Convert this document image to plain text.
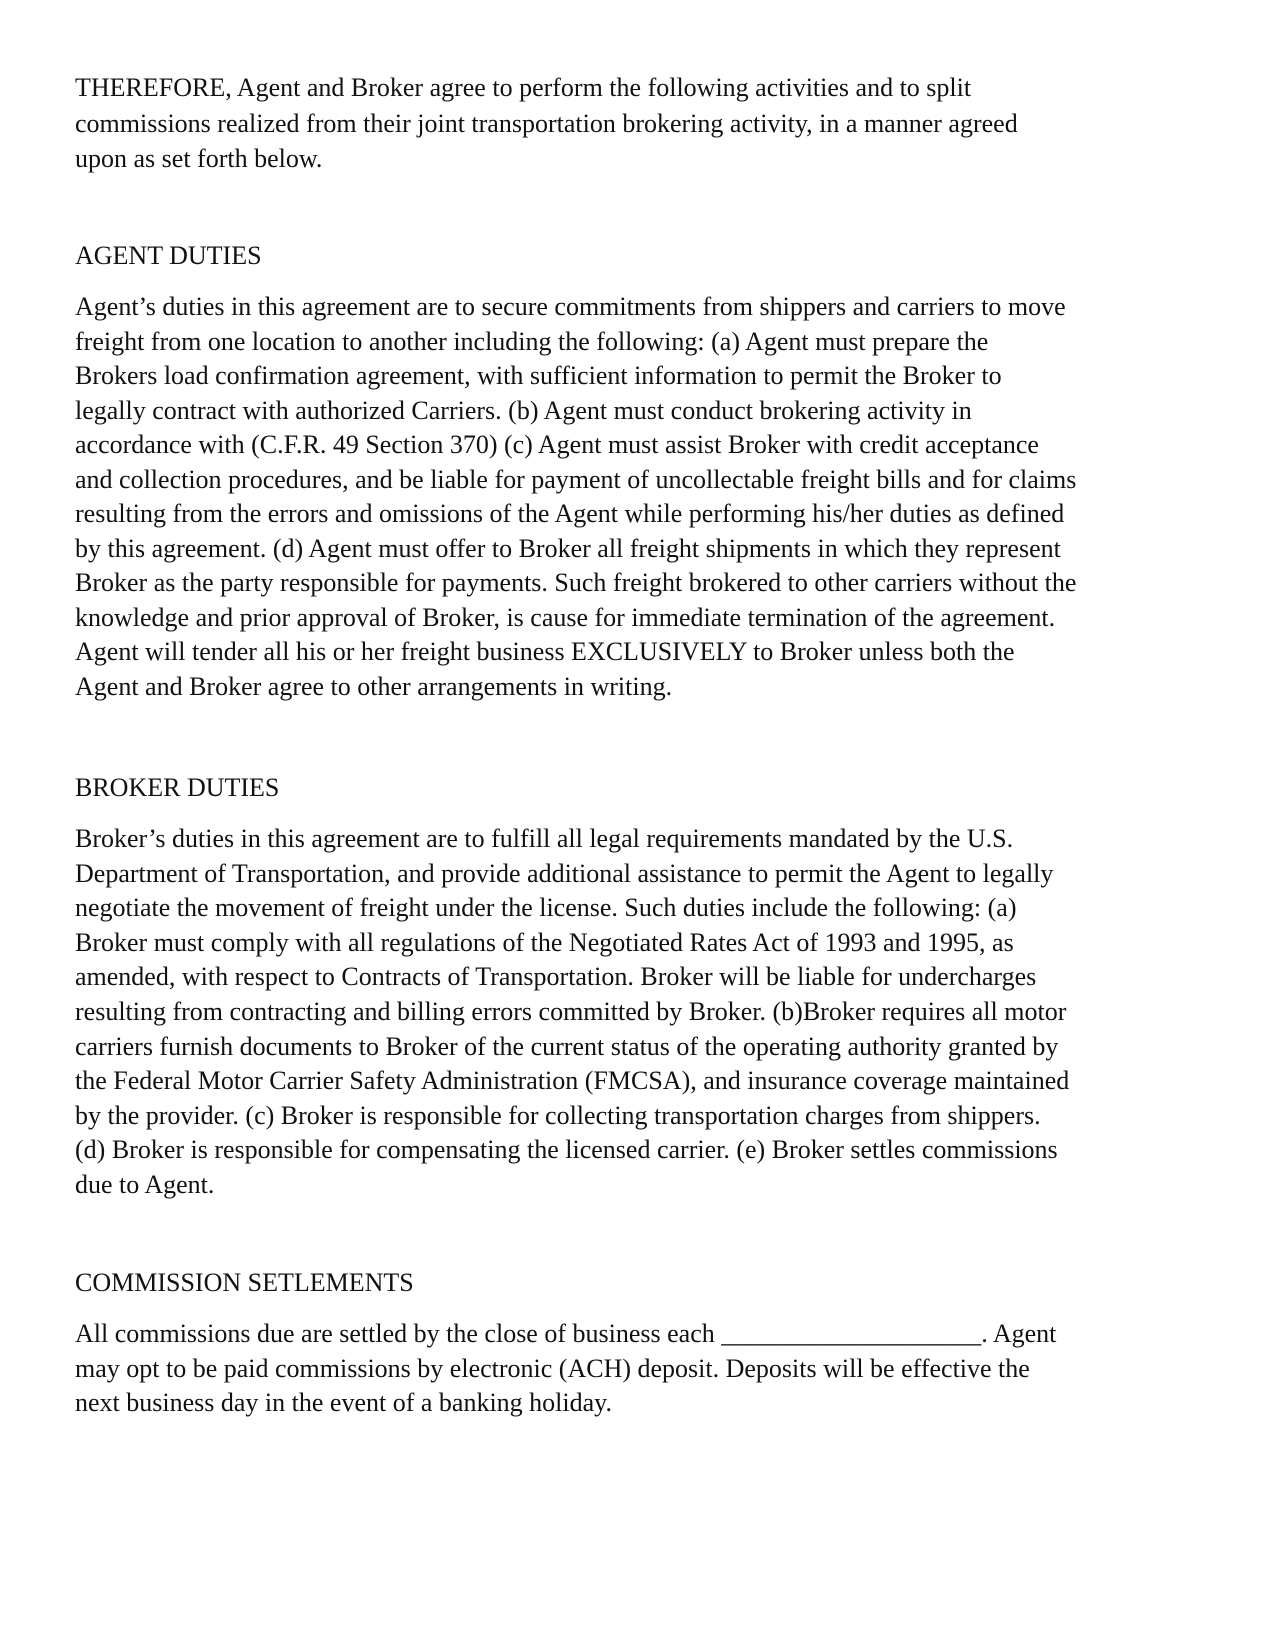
THEREFORE, Agent and Broker agree to perform the following activities and to split
commissions realized from their joint transportation brokering activity, in a manner agreed
upon as set forth below.

AGENT DUTIES

Agent’s duties in this agreement are to secure commitments from shippers and carriers to move
freight from one location to another including the following: (a) Agent must prepare the
Brokers load confirmation agreement, with sufficient information to permit the Broker to
legally contract with authorized Carriers. (b) Agent must conduct brokering activity in
accordance with (C.F.R. 49 Section 370) (c) Agent must assist Broker with credit acceptance
and collection procedures, and be liable for payment of uncollectable freight bills and for claims
resulting from the errors and omissions of the Agent while performing his/her duties as defined
by this agreement. (d) Agent must offer to Broker all freight shipments in which they represent
Broker as the party responsible for payments. Such freight brokered to other carriers without the
knowledge and prior approval of Broker, is cause for immediate termination of the agreement.
Agent will tender all his or her freight business EXCLUSIVELY to Broker unless both the
Agent and Broker agree to other arrangements in writing.

BROKER DUTIES

Broker’s duties in this agreement are to fulfill all legal requirements mandated by the U.S.
Department of Transportation, and provide additional assistance to permit the Agent to legally
negotiate the movement of freight under the license. Such duties include the following: (a)
Broker must comply with all regulations of the Negotiated Rates Act of 1993 and 1995, as
amended, with respect to Contracts of Transportation. Broker will be liable for undercharges
resulting from contracting and billing errors committed by Broker. (b)Broker requires all motor
carriers furnish documents to Broker of the current status of the operating authority granted by
the Federal Motor Carrier Safety Administration (FMCSA), and insurance coverage maintained
by the provider. (c) Broker is responsible for collecting transportation charges from shippers.
(d) Broker is responsible for compensating the licensed carrier. (e) Broker settles commissions
due to Agent.

COMMISSION SETLEMENTS

All commissions due are settled by the close of business each ____________________. Agent
may opt to be paid commissions by electronic (ACH) deposit. Deposits will be effective the
next business day in the event of a banking holiday.
